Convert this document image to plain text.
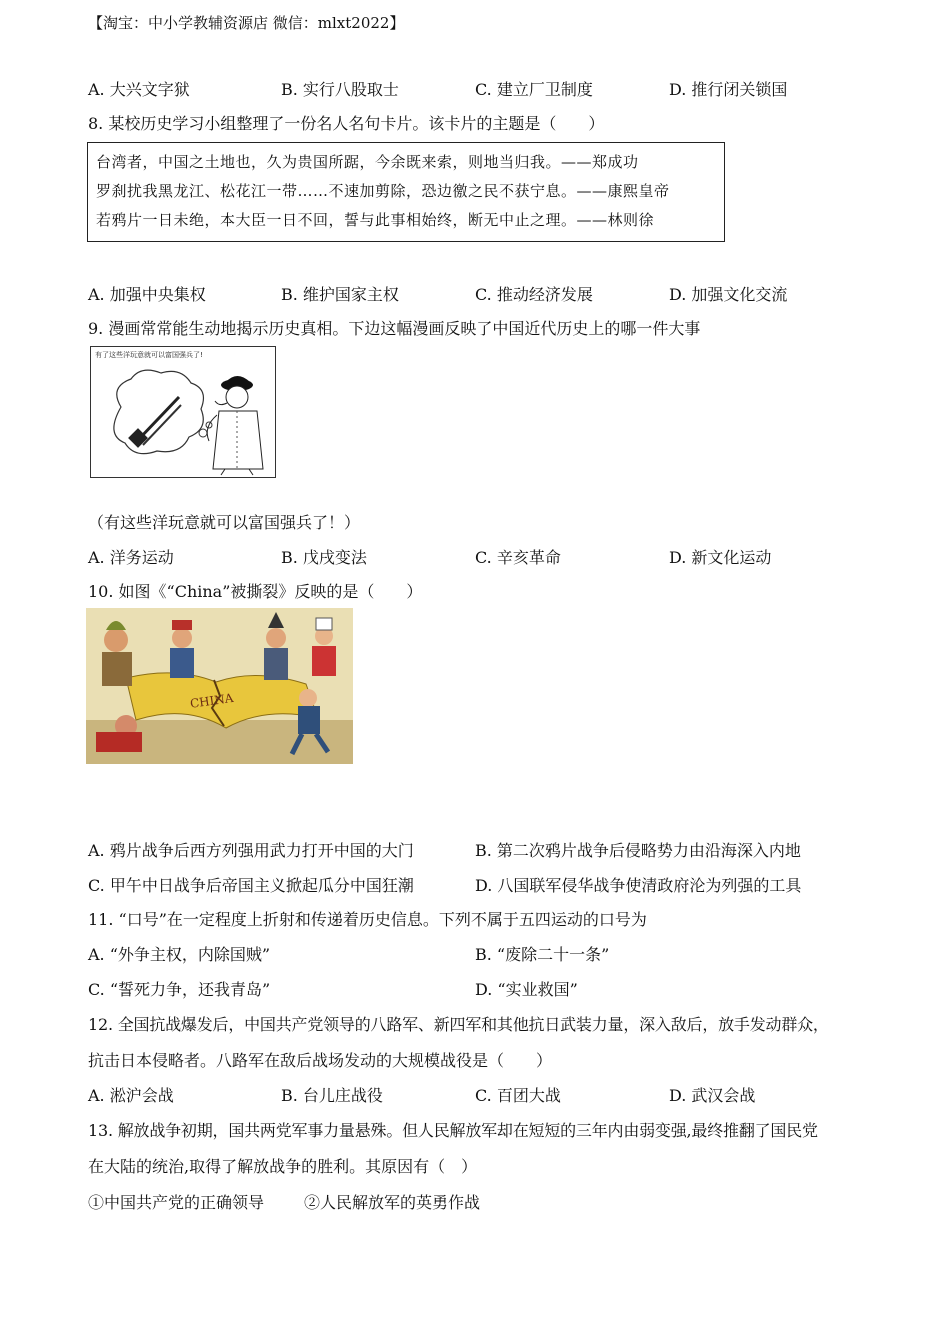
【淘宝：中小学教辅资源店 微信：mlxt2022】
A. 大兴文字狱	B. 实行八股取士	C. 建立厂卫制度	D. 推行闭关锁国
8. 某校历史学习小组整理了一份名人名句卡片。该卡片的主题是（　　）
台湾者，中国之土地也，久为贵国所踞，今余既来索，则地当归我。——郑成功
罗刹扰我黑龙江、松花江一带……不速加剪除，恐边徼之民不获宁息。——康熙皇帝
若鸦片一日未绝，本大臣一日不回，誓与此事相始终，断无中止之理。——林则徐
A. 加强中央集权	B. 维护国家主权	C. 推动经济发展	D. 加强文化交流
9. 漫画常常能生动地揭示历史真相。下边这幅漫画反映了中国近代历史上的哪一件大事
有了这些洋玩意就可以富国强兵了!
（有这些洋玩意就可以富国强兵了！）
A. 洋务运动	B. 戊戌变法	C. 辛亥革命	D. 新文化运动
10. 如图《“China”被撕裂》反映的是（　　）
CHINA
A. 鸦片战争后西方列强用武力打开中国的大门	B. 第二次鸦片战争后侵略势力由沿海深入内地
C. 甲午中日战争后帝国主义掀起瓜分中国狂潮	D. 八国联军侵华战争使清政府沦为列强的工具
11. “口号”在一定程度上折射和传递着历史信息。下列不属于五四运动的口号为
A. “外争主权，内除国贼”	B. “废除二十一条”
C. “誓死力争，还我青岛”	D. “实业救国”
12. 全国抗战爆发后，中国共产党领导的八路军、新四军和其他抗日武装力量，深入敌后，放手发动群众，
抗击日本侵略者。八路军在敌后战场发动的大规模战役是（　　）
A. 淞沪会战	B. 台儿庄战役	C. 百团大战	D. 武汉会战
13. 解放战争初期，国共两党军事力量悬殊。但人民解放军却在短短的三年内由弱变强,最终推翻了国民党
在大陆的统治,取得了解放战争的胜利。其原因有（　）
①中国共产党的正确领导 ②人民解放军的英勇作战
